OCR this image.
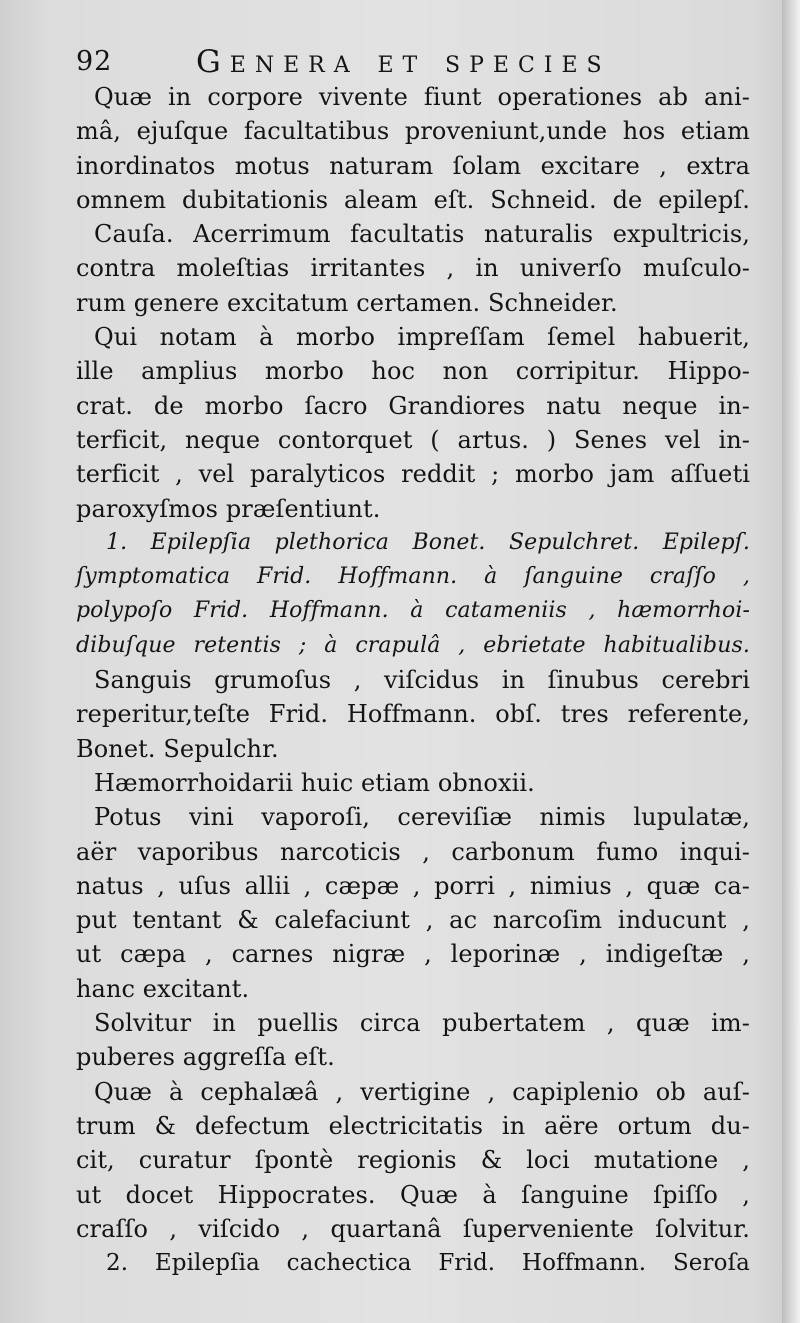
92	Genera et species
Quæ in corpore vivente fiunt operationes ab ani-
mâ, ejuſque facultatibus proveniunt,unde hos etiam
inordinatos motus naturam ſolam excitare , extra
omnem dubitationis aleam eſt. Schneid. de epilepſ.
Cauſa. Acerrimum facultatis naturalis expultricis,
contra moleſtias irritantes , in univerſo muſculo-
rum genere excitatum certamen. Schneider.
Qui notam à morbo impreſſam ſemel habuerit,
ille amplius morbo hoc non corripitur. Hippo-
crat. de morbo ſacro Grandiores natu neque in-
terficit, neque contorquet ( artus. ) Senes vel in-
terficit , vel paralyticos reddit ; morbo jam aſſueti
paroxyſmos præſentiunt.
1. Epilepſia plethorica Bonet. Sepulchret. Epilepſ.
ſymptomatica Frid. Hoffmann. à ſanguine craſſo ,
polypoſo Frid. Hoffmann. à catameniis , hæmorrhoi-
dibuſque retentis ; à crapulâ , ebrietate habitualibus.
Sanguis grumoſus , viſcidus in ſinubus cerebri
reperitur,teſte Frid. Hoffmann. obſ. tres referente,
Bonet. Sepulchr.
Hæmorrhoidarii huic etiam obnoxii.
Potus vini vaporoſi, cereviſiæ nimis lupulatæ,
aër vaporibus narcoticis , carbonum fumo inqui-
natus , uſus allii , cæpæ , porri , nimius , quæ ca-
put tentant & calefaciunt , ac narcoſim inducunt ,
ut cæpa , carnes nigræ , leporinæ , indigeſtæ ,
hanc excitant.
Solvitur in puellis circa pubertatem , quæ im-
puberes aggreſſa eſt.
Quæ à cephalæâ , vertigine , capiplenio ob auſ-
trum & defectum electricitatis in aëre ortum du-
cit, curatur ſpontè regionis & loci mutatione ,
ut docet Hippocrates. Quæ à ſanguine ſpiſſo ,
craſſo , viſcido , quartanâ ſuperveniente ſolvitur.
2. Epilepſia cachectica Frid. Hoffmann. Seroſa
